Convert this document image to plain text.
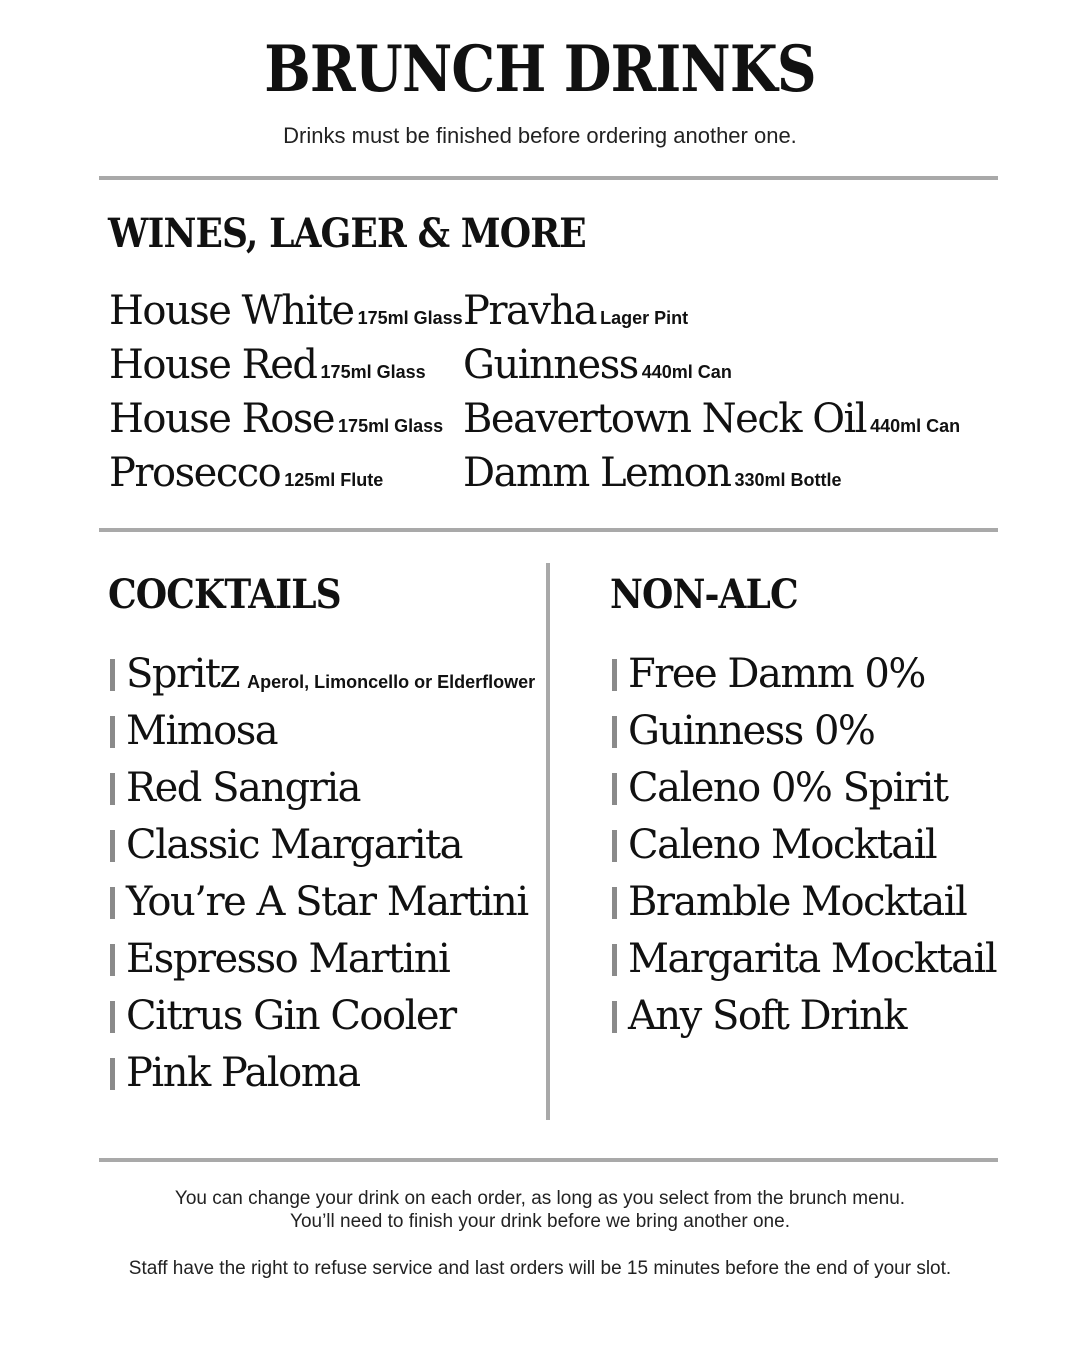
BRUNCH DRINKS

Drinks must be finished before ordering another one.

WINES, LAGER & MORE
House White 175ml Glass
House Red 175ml Glass
House Rose 175ml Glass
Prosecco 125ml Flute
Pravha Lager Pint
Guinness 440ml Can
Beavertown Neck Oil 440ml Can
Damm Lemon 330ml Bottle
COCKTAILS
Spritz Aperol, Limoncello or Elderflower
Mimosa
Red Sangria
Classic Margarita
You’re A Star Martini
Espresso Martini
Citrus Gin Cooler
Pink Paloma
NON-ALC
Free Damm 0%
Guinness 0%
Caleno 0% Spirit
Caleno Mocktail
Bramble Mocktail
Margarita Mocktail
Any Soft Drink

You can change your drink on each order, as long as you select from the brunch menu.

You’ll need to finish your drink before we bring another one.

Staff have the right to refuse service and last orders will be 15 minutes before the end of your slot.
